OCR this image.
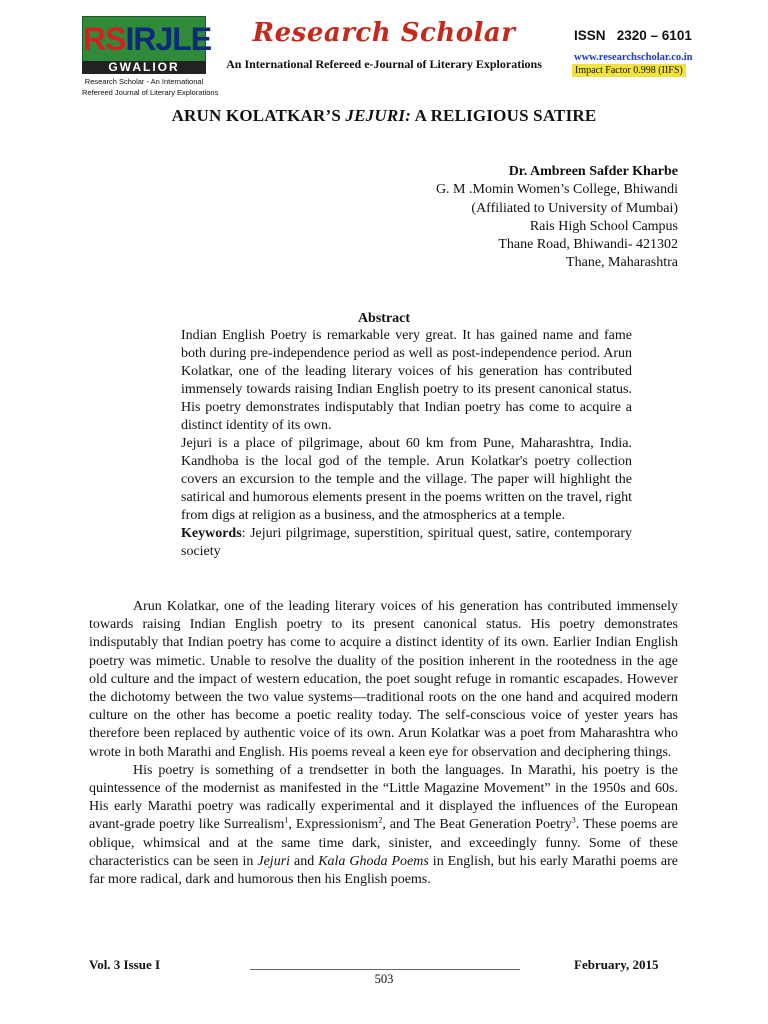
RSIRJLE
GWALIOR
Research Scholar - An International
Refereed Journal of Literary Explorations
Research Scholar
An International Refereed e-Journal of Literary Explorations
ISSN   2320 – 6101
www.researchscholar.co.in
Impact Factor 0.998 (IIFS)
ARUN KOLATKAR’S JEJURI: A RELIGIOUS SATIRE
Dr. Ambreen Safder Kharbe
G. M .Momin Women’s College, Bhiwandi
(Affiliated to University of Mumbai)
Rais High School Campus
Thane Road, Bhiwandi- 421302
Thane, Maharashtra
Abstract

Indian English Poetry is remarkable very great. It has gained name and fame both during pre-independence period as well as post-independence period. Arun Kolatkar, one of the leading literary voices of his generation has contributed immensely towards raising Indian English poetry to its present canonical status. His poetry demonstrates indisputably that Indian poetry has come to acquire a distinct identity of its own.

Jejuri is a place of pilgrimage, about 60 km from Pune, Maharashtra, India. Kandhoba is the local god of the temple. Arun Kolatkar's poetry collection covers an excursion to the temple and the village. The paper will highlight the satirical and humorous elements present in the poems written on the travel, right from digs at religion as a business, and the atmospherics at a temple.

Keywords: Jejuri pilgrimage, superstition, spiritual quest, satire, contemporary society

Arun Kolatkar, one of the leading literary voices of his generation has contributed immensely towards raising Indian English poetry to its present canonical status. His poetry demonstrates indisputably that Indian poetry has come to acquire a distinct identity of its own. Earlier Indian English poetry was mimetic. Unable to resolve the duality of the position inherent in the rootedness in the age old culture and the impact of western education, the poet sought refuge in romantic escapades. However the dichotomy between the two value systems—traditional roots on the one hand and acquired modern culture on the other has become a poetic reality today. The self-conscious voice of yester years has therefore been replaced by authentic voice of its own. Arun Kolatkar was a poet from Maharashtra who wrote in both Marathi and English. His poems reveal a keen eye for observation and deciphering things.

His poetry is something of a trendsetter in both the languages. In Marathi, his poetry is the quintessence of the modernist as manifested in the “Little Magazine Movement” in the 1950s and 60s. His early Marathi poetry was radically experimental and it displayed the influences of the European avant-grade poetry like Surrealism$^1$, Expressionism$^2$, and The Beat Generation Poetry$^3$. These poems are oblique, whimsical and at the same time dark, sinister, and exceedingly funny. Some of these characteristics can be seen in Jejuri and Kala Ghoda Poems in English, but his early Marathi poems are far more radical, dark and humorous then his English poems.

Vol. 3 Issue I	February, 2015
503
